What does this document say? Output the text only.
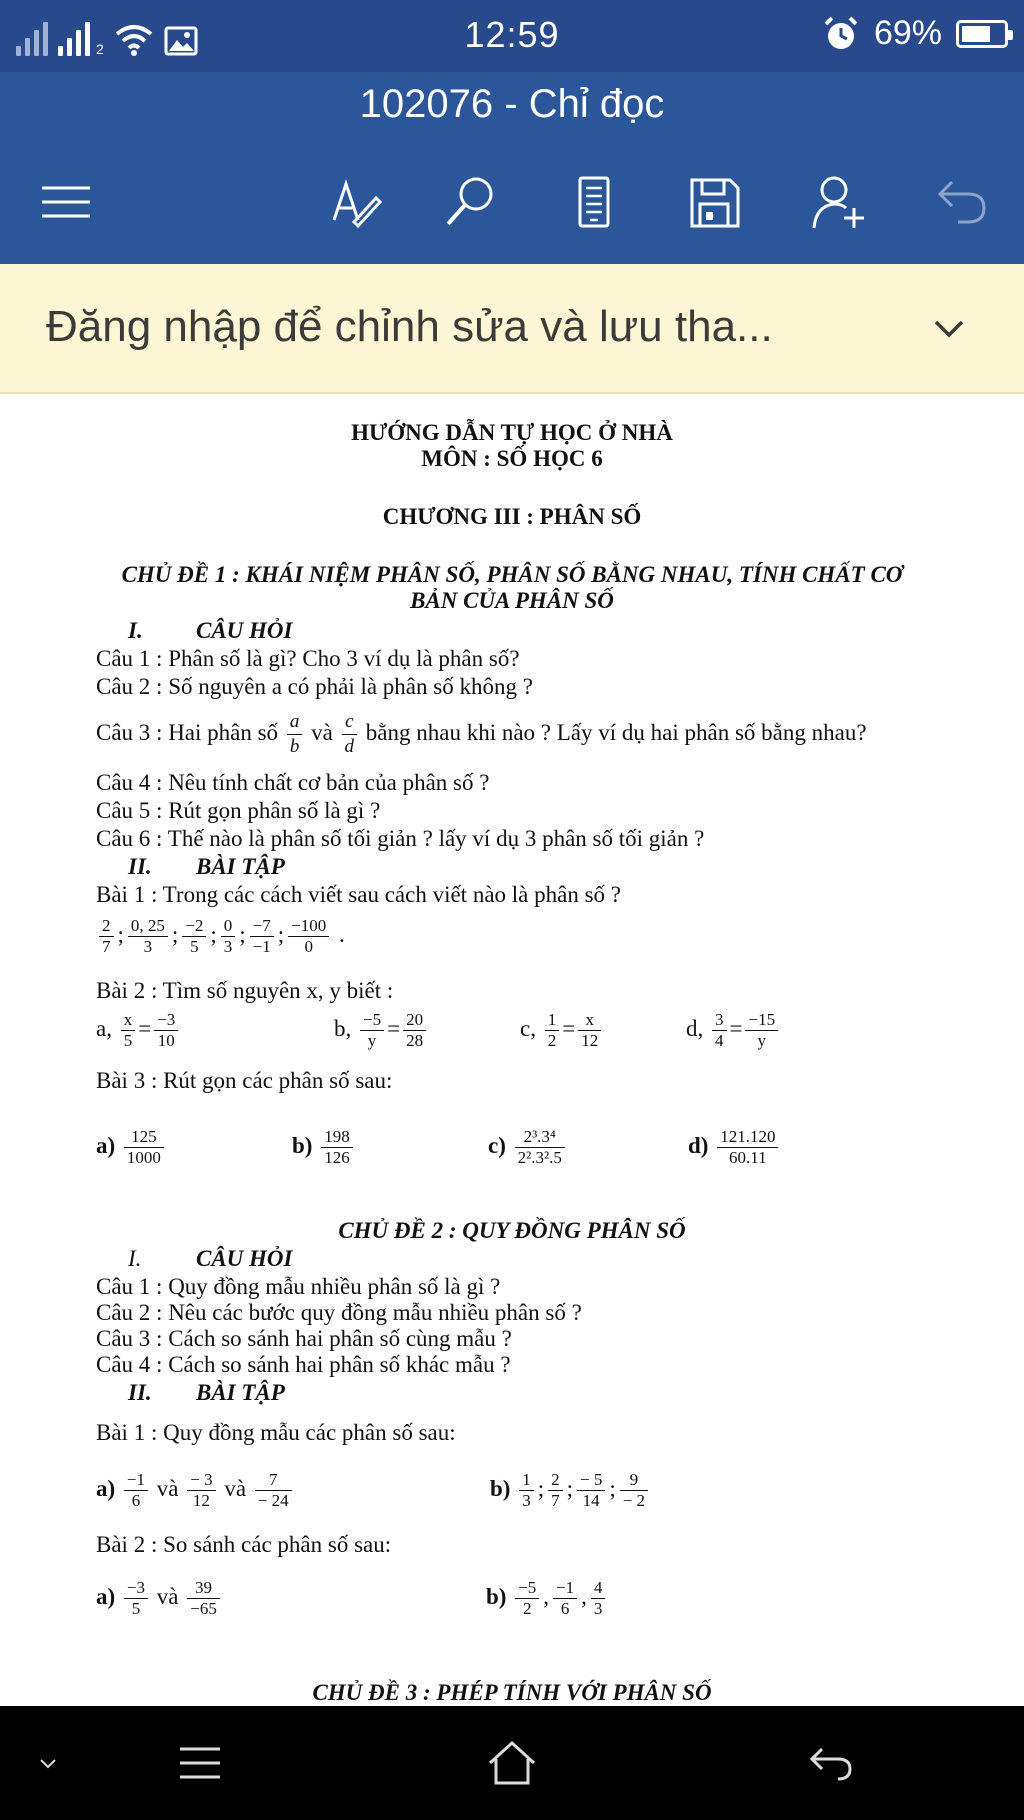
2	12:59	69%
102076 - Chỉ đọc
Đăng nhập để chỉnh sửa và lưu tha...
HƯỚNG DẪN TỰ HỌC Ở NHÀ
MÔN : SỐ HỌC 6
CHƯƠNG III : PHÂN SỐ
CHỦ ĐỀ 1 : KHÁI NIỆM PHÂN SỐ, PHÂN SỐ BẰNG NHAU, TÍNH CHẤT CƠ
BẢN CỦA PHÂN SỐ
I. CÂU HỎI
Câu 1 : Phân số là gì? Cho 3 ví dụ là phân số?
Câu 2 : Số nguyên a có phải là phân số không ?
Câu 3 : Hai phân số $\frac{a}{b}$ và $\frac{c}{d}$ bằng nhau khi nào ? Lấy ví dụ hai phân số bằng nhau?
Câu 4 : Nêu tính chất cơ bản của phân số ?
Câu 5 : Rút gọn phân số là gì ?
Câu 6 : Thế nào là phân số tối giản ? lấy ví dụ 3 phân số tối giản ?
II. BÀI TẬP
Bài 1 : Trong các cách viết sau cách viết nào là phân số ?
$\frac{2}{7}$ ; $\frac{0, 25}{3}$ ; $\frac{-2}{5}$ ; $\frac{0}{3}$ ; $\frac{-7}{-1}$ ; $\frac{-100}{0}$ .
Bài 2 : Tìm số nguyên x, y biết :
a, $\frac{x}{5} = \frac{-3}{10}$	b, $\frac{-5}{y} = \frac{20}{28}$	c, $\frac{1}{2} = \frac{x}{12}$	d, $\frac{3}{4} = \frac{-15}{y}$
Bài 3 : Rút gọn các phân số sau:
$a) \frac{125}{1000}$	$b) \frac{198}{126}$	$c) \frac{\text{2³.3⁴}}{\text{2².3².5}}$	$d) \frac{121.120}{60.11}$
CHỦ ĐỀ 2 : QUY ĐỒNG PHÂN SỐ
I. CÂU HỎI
Câu 1 : Quy đồng mẫu nhiều phân số là gì ?
Câu 2 : Nêu các bước quy đồng mẫu nhiều phân số ?
Câu 3 : Cách so sánh hai phân số cùng mẫu ?
Câu 4 : Cách so sánh hai phân số khác mẫu ?
II. BÀI TẬP
Bài 1 : Quy đồng mẫu các phân số sau:
$a) \frac{-1}{6}$ và $\frac{- 3}{12}$ và $\frac{7}{- 24}$	$b) \frac{1}{3}$ ; $\frac{2}{7}$ ; $\frac{- 5}{14}$ ; $\frac{9}{- 2}$
Bài 2 : So sánh các phân số sau:
$a) \frac{-3}{5}$ và $\frac{39}{-65}$	$b) \frac{-5}{2}$ , $\frac{-1}{6}$ , $\frac{4}{3}$
CHỦ ĐỀ 3 : PHÉP TÍNH VỚI PHÂN SỐ
